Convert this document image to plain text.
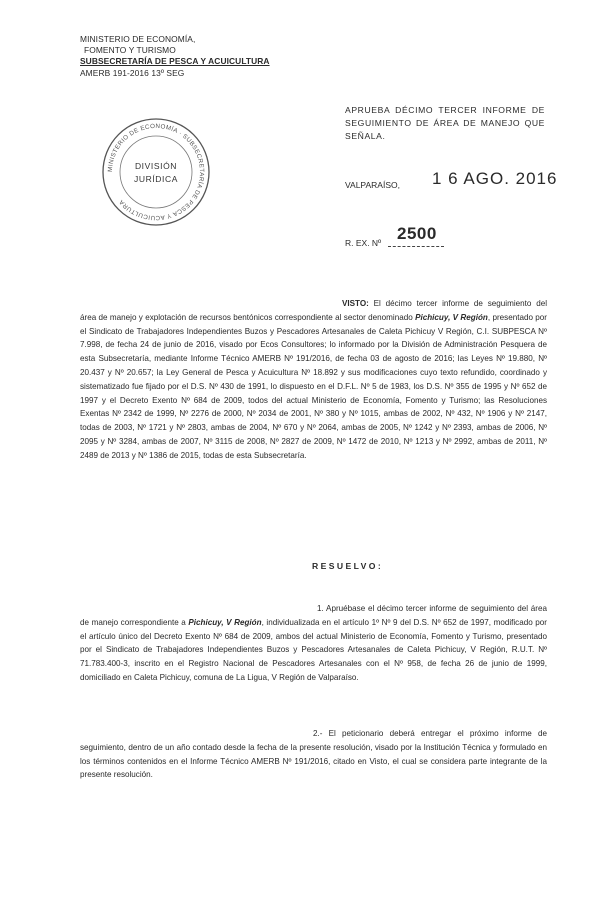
MINISTERIO DE ECONOMÍA,
FOMENTO Y TURISMO
SUBSECRETARÍA DE PESCA Y ACUICULTURA
AMERB 191-2016 13º SEG
MINISTERIO DE ECONOMÍA · SUBSECRETARÍA DE PESCA Y ACUICULTURA
DIVISIÓN
JURÍDICA
APRUEBA DÉCIMO TERCER INFORME DE SEGUIMIENTO DE ÁREA DE MANEJO QUE SEÑALA.
VALPARAÍSO, 1 6 AGO. 2016
R. EX. Nº 2500
VISTO: El décimo tercer informe de seguimiento del área de manejo y explotación de recursos bentónicos correspondiente al sector denominado Pichicuy, V Región, presentado por el Sindicato de Trabajadores Independientes Buzos y Pescadores Artesanales de Caleta Pichicuy V Región, C.I. SUBPESCA Nº 7.998, de fecha 24 de junio de 2016, visado por Ecos Consultores; lo informado por la División de Administración Pesquera de esta Subsecretaría, mediante Informe Técnico AMERB Nº 191/2016, de fecha 03 de agosto de 2016; las Leyes Nº 19.880, Nº 20.437 y Nº 20.657; la Ley General de Pesca y Acuicultura Nº 18.892 y sus modificaciones cuyo texto refundido, coordinado y sistematizado fue fijado por el D.S. Nº 430 de 1991, lo dispuesto en el D.F.L. Nº 5 de 1983, los D.S. Nº 355 de 1995 y Nº 652 de 1997 y el Decreto Exento Nº 684 de 2009, todos del actual Ministerio de Economía, Fomento y Turismo; las Resoluciones Exentas Nº 2342 de 1999, Nº 2276 de 2000, Nº 2034 de 2001, Nº 380 y Nº 1015, ambas de 2002, Nº 432, Nº 1906 y Nº 2147, todas de 2003, Nº 1721 y Nº 2803, ambas de 2004, Nº 670 y Nº 2064, ambas de 2005, Nº 1242 y Nº 2393, ambas de 2006, Nº 2095 y Nº 3284, ambas de 2007, Nº 3115 de 2008, Nº 2827 de 2009, Nº 1472 de 2010, Nº 1213 y Nº 2992, ambas de 2011, Nº 2489 de 2013 y Nº 1386 de 2015, todas de esta Subsecretaría.
RESUELVO:
1. Apruébase el décimo tercer informe de seguimiento del área de manejo correspondiente a Pichicuy, V Región, individualizada en el artículo 1º Nº 9 del D.S. Nº 652 de 1997, modificado por el artículo único del Decreto Exento Nº 684 de 2009, ambos del actual Ministerio de Economía, Fomento y Turismo, presentado por el Sindicato de Trabajadores Independientes Buzos y Pescadores Artesanales de Caleta Pichicuy, V Región, R.U.T. Nº 71.783.400-3, inscrito en el Registro Nacional de Pescadores Artesanales con el Nº 958, de fecha 26 de junio de 1999, domiciliado en Caleta Pichicuy, comuna de La Ligua, V Región de Valparaíso.
2.- El peticionario deberá entregar el próximo informe de seguimiento, dentro de un año contado desde la fecha de la presente resolución, visado por la Institución Técnica y formulado en los términos contenidos en el Informe Técnico AMERB Nº 191/2016, citado en Visto, el cual se considera parte integrante de la presente resolución.
